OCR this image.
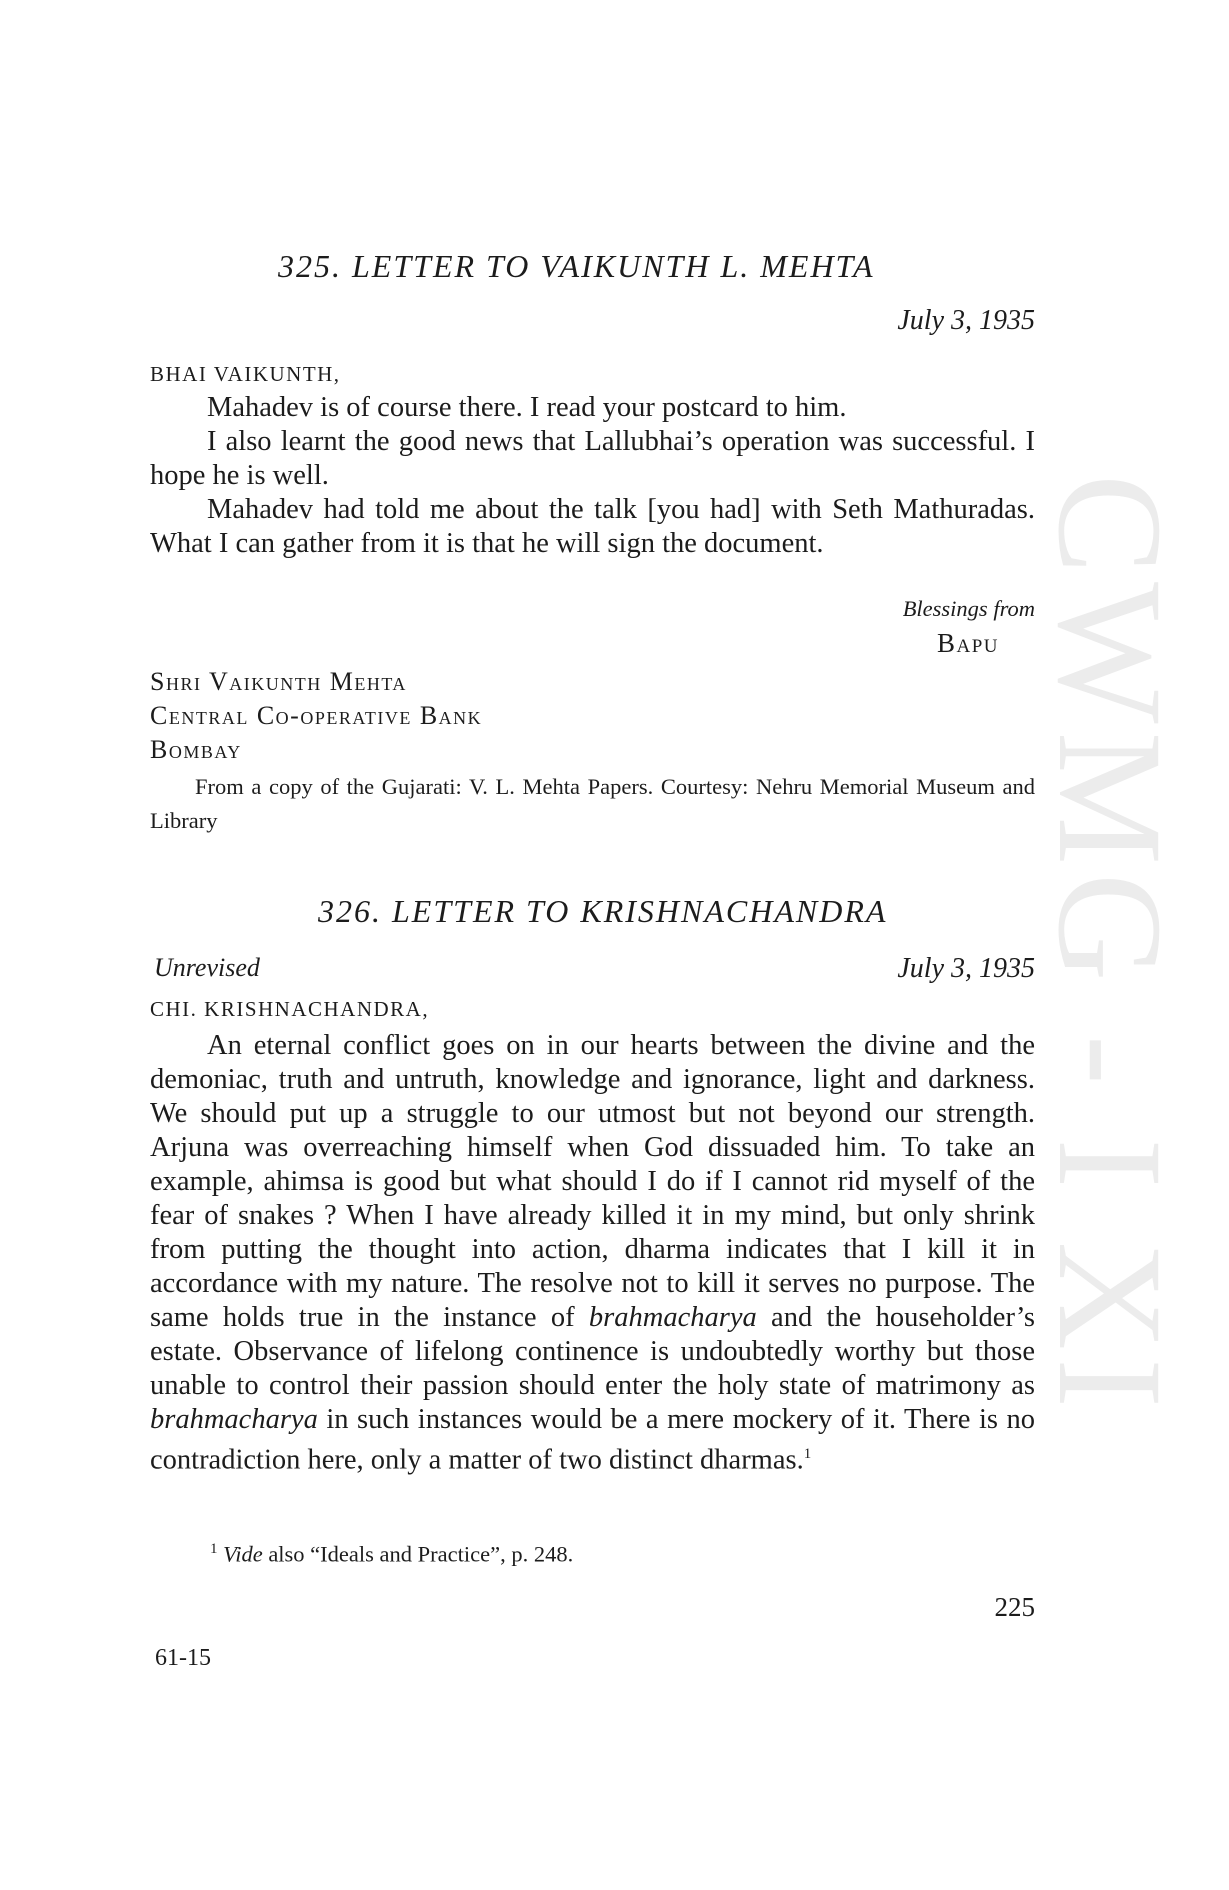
CWMG - I XI
325. LETTER TO VAIKUNTH L. MEHTA
July 3, 1935
BHAI VAIKUNTH,

Mahadev is of course there. I read your postcard to him.

I also learnt the good news that Lallubhai’s operation was successful. I hope he is well.

Mahadev had told me about the talk [you had] with Seth Mathuradas. What I can gather from it is that he will sign the document.

Blessings from
Bapu
Shri Vaikunth Mehta
Central Co-operative Bank
Bombay
From a copy of the Gujarati: V. L. Mehta Papers. Courtesy: Nehru Memorial Museum and Library
326. LETTER TO KRISHNACHANDRA
Unrevised	July 3, 1935
CHI. KRISHNACHANDRA,

An eternal conflict goes on in our hearts between the divine and the demoniac, truth and untruth, knowledge and ignorance, light and darkness. We should put up a struggle to our utmost but not beyond our strength. Arjuna was overreaching himself when God dissuaded him. To take an example, ahimsa is good but what should I do if I cannot rid myself of the fear of snakes ? When I have already killed it in my mind, but only shrink from putting the thought into action, dharma indicates that I kill it in accordance with my nature. The resolve not to kill it serves no purpose. The same holds true in the instance of brahmacharya and the householder’s estate. Observance of lifelong continence is undoubtedly worthy but those unable to control their passion should enter the holy state of matrimony as brahmacharya in such instances would be a mere mockery of it. There is no contradiction here, only a matter of two distinct dharmas.$^1$

$^1$ Vide also “Ideals and Practice”, p. 248.
225
61-15
